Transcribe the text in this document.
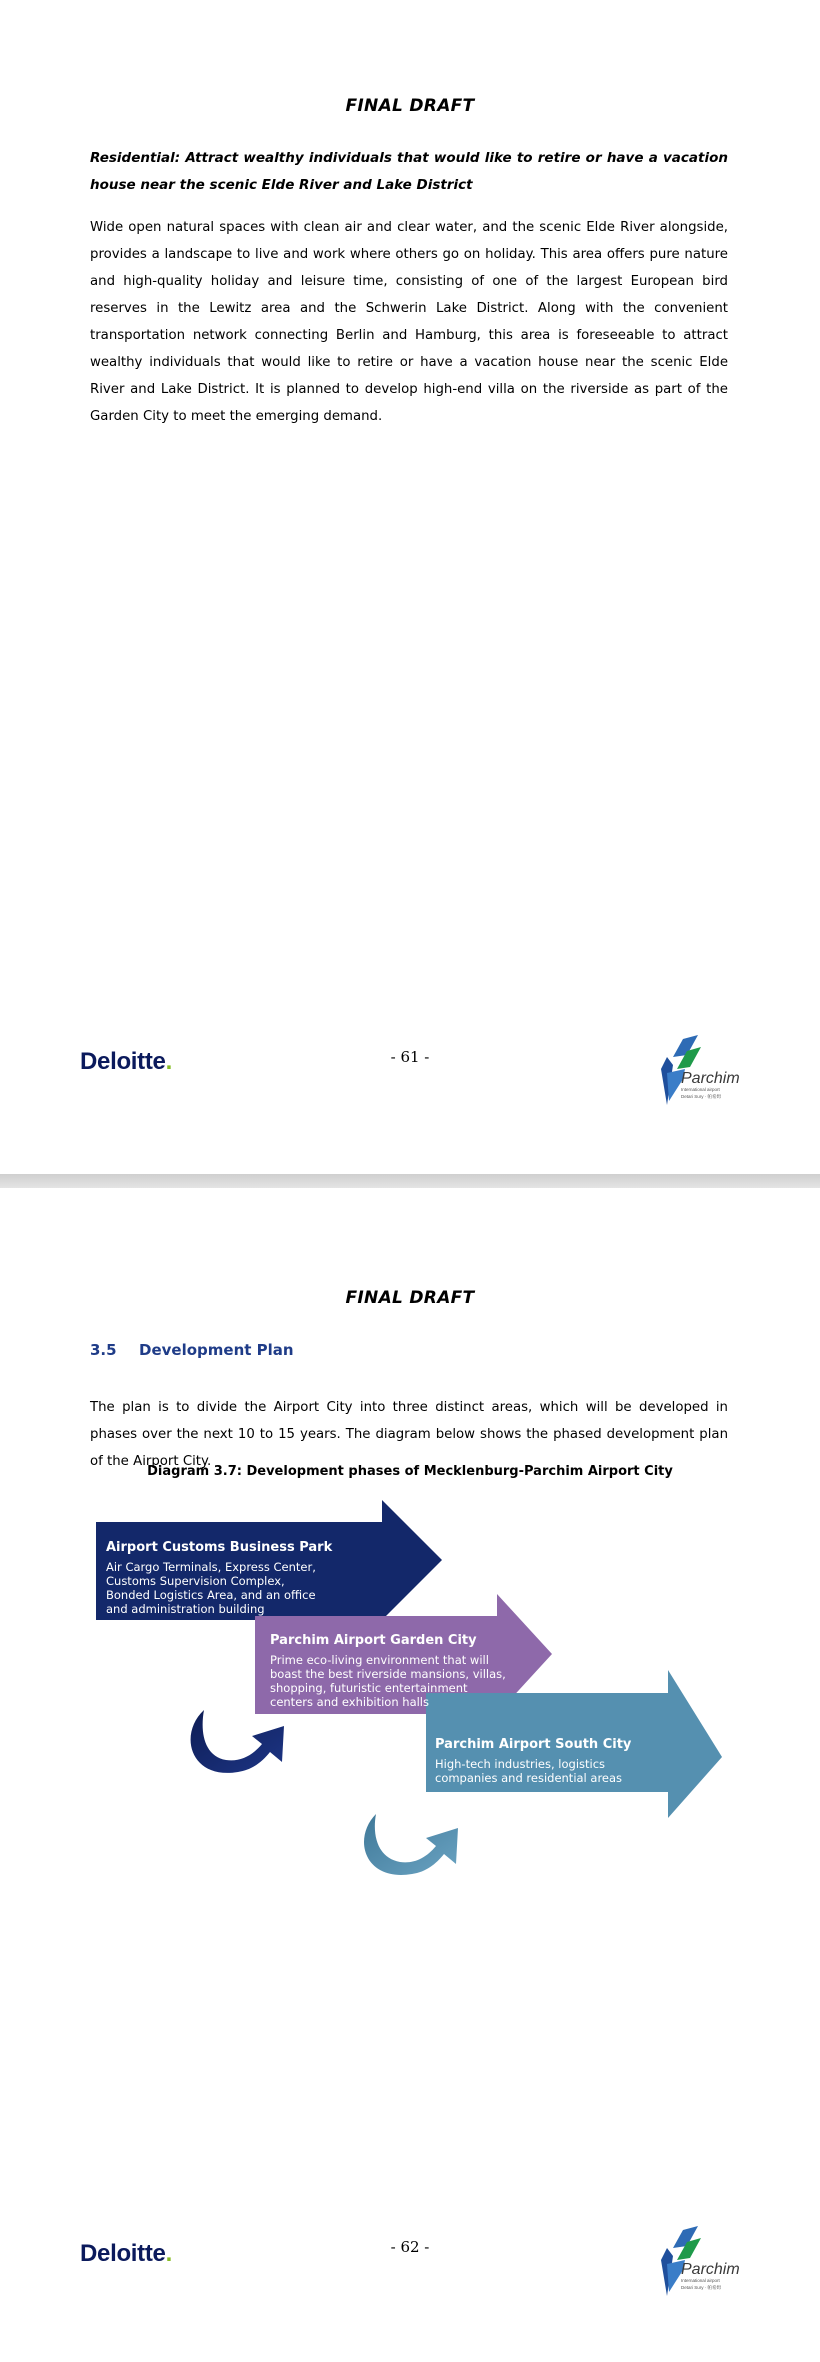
FINAL DRAFT
Residential: Attract wealthy individuals that would like to retire or have a vacation house near the scenic Elde River and Lake District
Wide open natural spaces with clean air and clear water, and the scenic Elde River alongside, provides a landscape to live and work where others go on holiday. This area offers pure nature and high-quality holiday and leisure time, consisting of one of the largest European bird reserves in the Lewitz area and the Schwerin Lake District. Along with the convenient transportation network connecting Berlin and Hamburg, this area is foreseeable to attract wealthy individuals that would like to retire or have a vacation house near the scenic Elde River and Lake District. It is planned to develop high-end villa on the riverside as part of the Garden City to meet the emerging demand.
Deloitte.	- 61 -
Parchim
International airport
Detari Sury · 帕希姆
FINAL DRAFT
3.5 Development Plan
The plan is to divide the Airport City into three distinct areas, which will be developed in phases over the next 10 to 15 years. The diagram below shows the phased development plan of the Airport City.
Diagram 3.7: Development phases of Mecklenburg-Parchim Airport City
Airport Customs Business Park
Air Cargo Terminals, Express Center,
Customs Supervision Complex,
Bonded Logistics Area, and an office
and administration building
Parchim Airport Garden City
Prime eco-living environment that will
boast the best riverside mansions, villas,
shopping, futuristic entertainment
centers and exhibition halls
Parchim Airport South City
High-tech industries, logistics
companies and residential areas
Deloitte.	- 62 -
Parchim
International airport
Detari Sury · 帕希姆
